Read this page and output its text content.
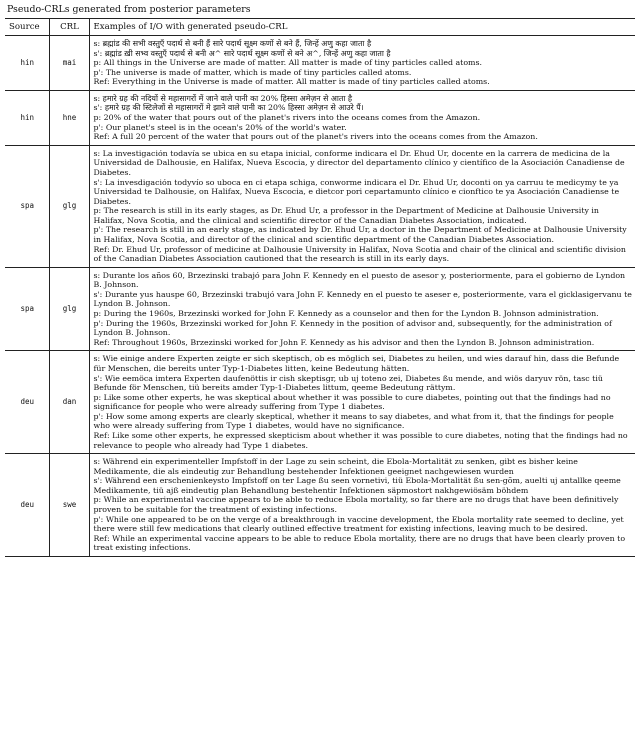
Pseudo-CRLs generated from posterior parameters
Source	CRL	Examples of I/O with generated pseudo-CRL
hin	mai	s: ब्रह्मांड की सभी वस्तुएँ पदार्थ से बनी हैं सारे पदार्थ सूक्ष्म कणों से बने हैं, जिन्हें अणु कहा जाता है
s': ब्रह्मांड ख़ी सभ्व वस्तुएँ पदार्थ से बनी अ^ सारे पदार्थ सूक्ष्म कणों से बने अ^, जिन्हें अणु कहा जाता है
p: All things in the Universe are made of matter. All matter is made of tiny particles called atoms.
p': The universe is made of matter, which is made of tiny particles called atoms.
Ref: Everything in the Universe is made of matter. All matter is made of tiny particles called atoms.

hin	hne	s: हमारे ग्रह की नदियों से महासागरों में जाने वाले पानी का 20% हिस्सा अमेज़न से आता है
s': हमारे ग्रह की स्टिलेजों से महासागरों मे झाने वाले पानी का 20% हिस्सा अमेज़न से आउरे पैं।
p: 20% of the water that pours out of the planet's rivers into the oceans comes from the Amazon.
p': Our planet's steel is in the ocean's 20% of the world's water.
Ref: A full 20 percent of the water that pours out of the planet's rivers into the oceans comes from the Amazon.

spa	glg	s: La investigación todavía se ubica en su etapa inicial, conforme indicara el Dr. Ehud Ur, docente en la carrera de medicina de la Universidad de Dalhousie, en Halifax, Nueva Escocia, y director del departamento clínico y científico de la Asociación Canadiense de Diabetes.
s': La invesdigación todyvío so uboca en ci etapa schiga, conworme indicara el Dr. Ehud Ur, doconti on ya carruu te medicymy te ya Universidad te Dalhousie, on Halifax, Nueva Escocia, e dietcor pori cepartamunto clínico e cionftico te ya Asociación Canadiense te Diabetes.
p: The research is still in its early stages, as Dr. Ehud Ur, a professor in the Department of Medicine at Dalhousie University in Halifax, Nova Scotia, and the clinical and scientific director of the Canadian Diabetes Association, indicated.
p': The research is still in an early stage, as indicated by Dr. Ehud Ur, a doctor in the Department of Medicine at Dalhousie University in Halifax, Nova Scotia, and director of the clinical and scientific department of the Canadian Diabetes Association.
Ref: Dr. Ehud Ur, professor of medicine at Dalhousie University in Halifax, Nova Scotia and chair of the clinical and scientific division of the Canadian Diabetes Association cautioned that the research is still in its early days.

spa	glg	s: Durante los años 60, Brzezinski trabajó para John F. Kennedy en el puesto de asesor y, posteriormente, para el gobierno de Lyndon B. Johnson.
s': Durante yus hauspe 60, Brzezinski trabujó vara John F. Kennedy en el puesto te aseser e, posteriormente, vara el gicklasigervanu te Lyndon B. Johnson.
p: During the 1960s, Brzezinski worked for John F. Kennedy as a counselor and then for the Lyndon B. Johnson administration.
p': During the 1960s, Brzezinski worked for John F. Kennedy in the position of advisor and, subsequently, for the administration of Lyndon B. Johnson.
Ref: Throughout 1960s, Brzezinski worked for John F. Kennedy as his advisor and then the Lyndon B. Johnson administration.

deu	dan	s: Wie einige andere Experten zeigte er sich skeptisch, ob es möglich sei, Diabetes zu heilen, und wies darauf hin, dass die Befunde für Menschen, die bereits unter Typ-1-Diabetes litten, keine Bedeutung hätten.
s': Wie eemöca imtera Experten daufenöttis ir cish skeptisgr, ub uj toteno zei, Diabetes ßu mende, and wiös daryuv rön, tasc tiü Befunde för Menschen, tiü bereits amder Typ-1-Diabetes littum, qeeme Bedeutung rättym.
p: Like some other experts, he was skeptical about whether it was possible to cure diabetes, pointing out that the findings had no significance for people who were already suffering from Type 1 diabetes.
p': How some among experts are clearly skeptical, whether it means to say diabetes, and what from it, that the findings for people who were already suffering from Type 1 diabetes, would have no significance.
Ref: Like some other experts, he expressed skepticism about whether it was possible to cure diabetes, noting that the findings had no relevance to people who already had Type 1 diabetes.

deu	swe	s: Während ein experimenteller Impfstoff in der Lage zu sein scheint, die Ebola-Mortalität zu senken, gibt es bisher keine Medikamente, die als eindeutig zur Behandlung bestehender Infektionen geeignet nachgewiesen wurden
s': Während een erschenienkeysto Impfstoff on ter Lage ßu seen vornetivi, tiü Ebola-Mortalität ßu sen-gõm, auelti uj antallke qeeme Medikamente, tiü ajß eindeutig plan Behandlung bestehentir Infektionen säpmostort nakhgewiösäm böhdem
p: While an experimental vaccine appears to be able to reduce Ebola mortality, so far there are no drugs that have been definitively proven to be suitable for the treatment of existing infections.
p': While one appeared to be on the verge of a breakthrough in vaccine development, the Ebola mortality rate seemed to decline, yet there were still few medications that clearly outlined effective treatment for existing infections, leaving much to be desired.
Ref: While an experimental vaccine appears to be able to reduce Ebola mortality, there are no drugs that have been clearly proven to treat existing infections.
